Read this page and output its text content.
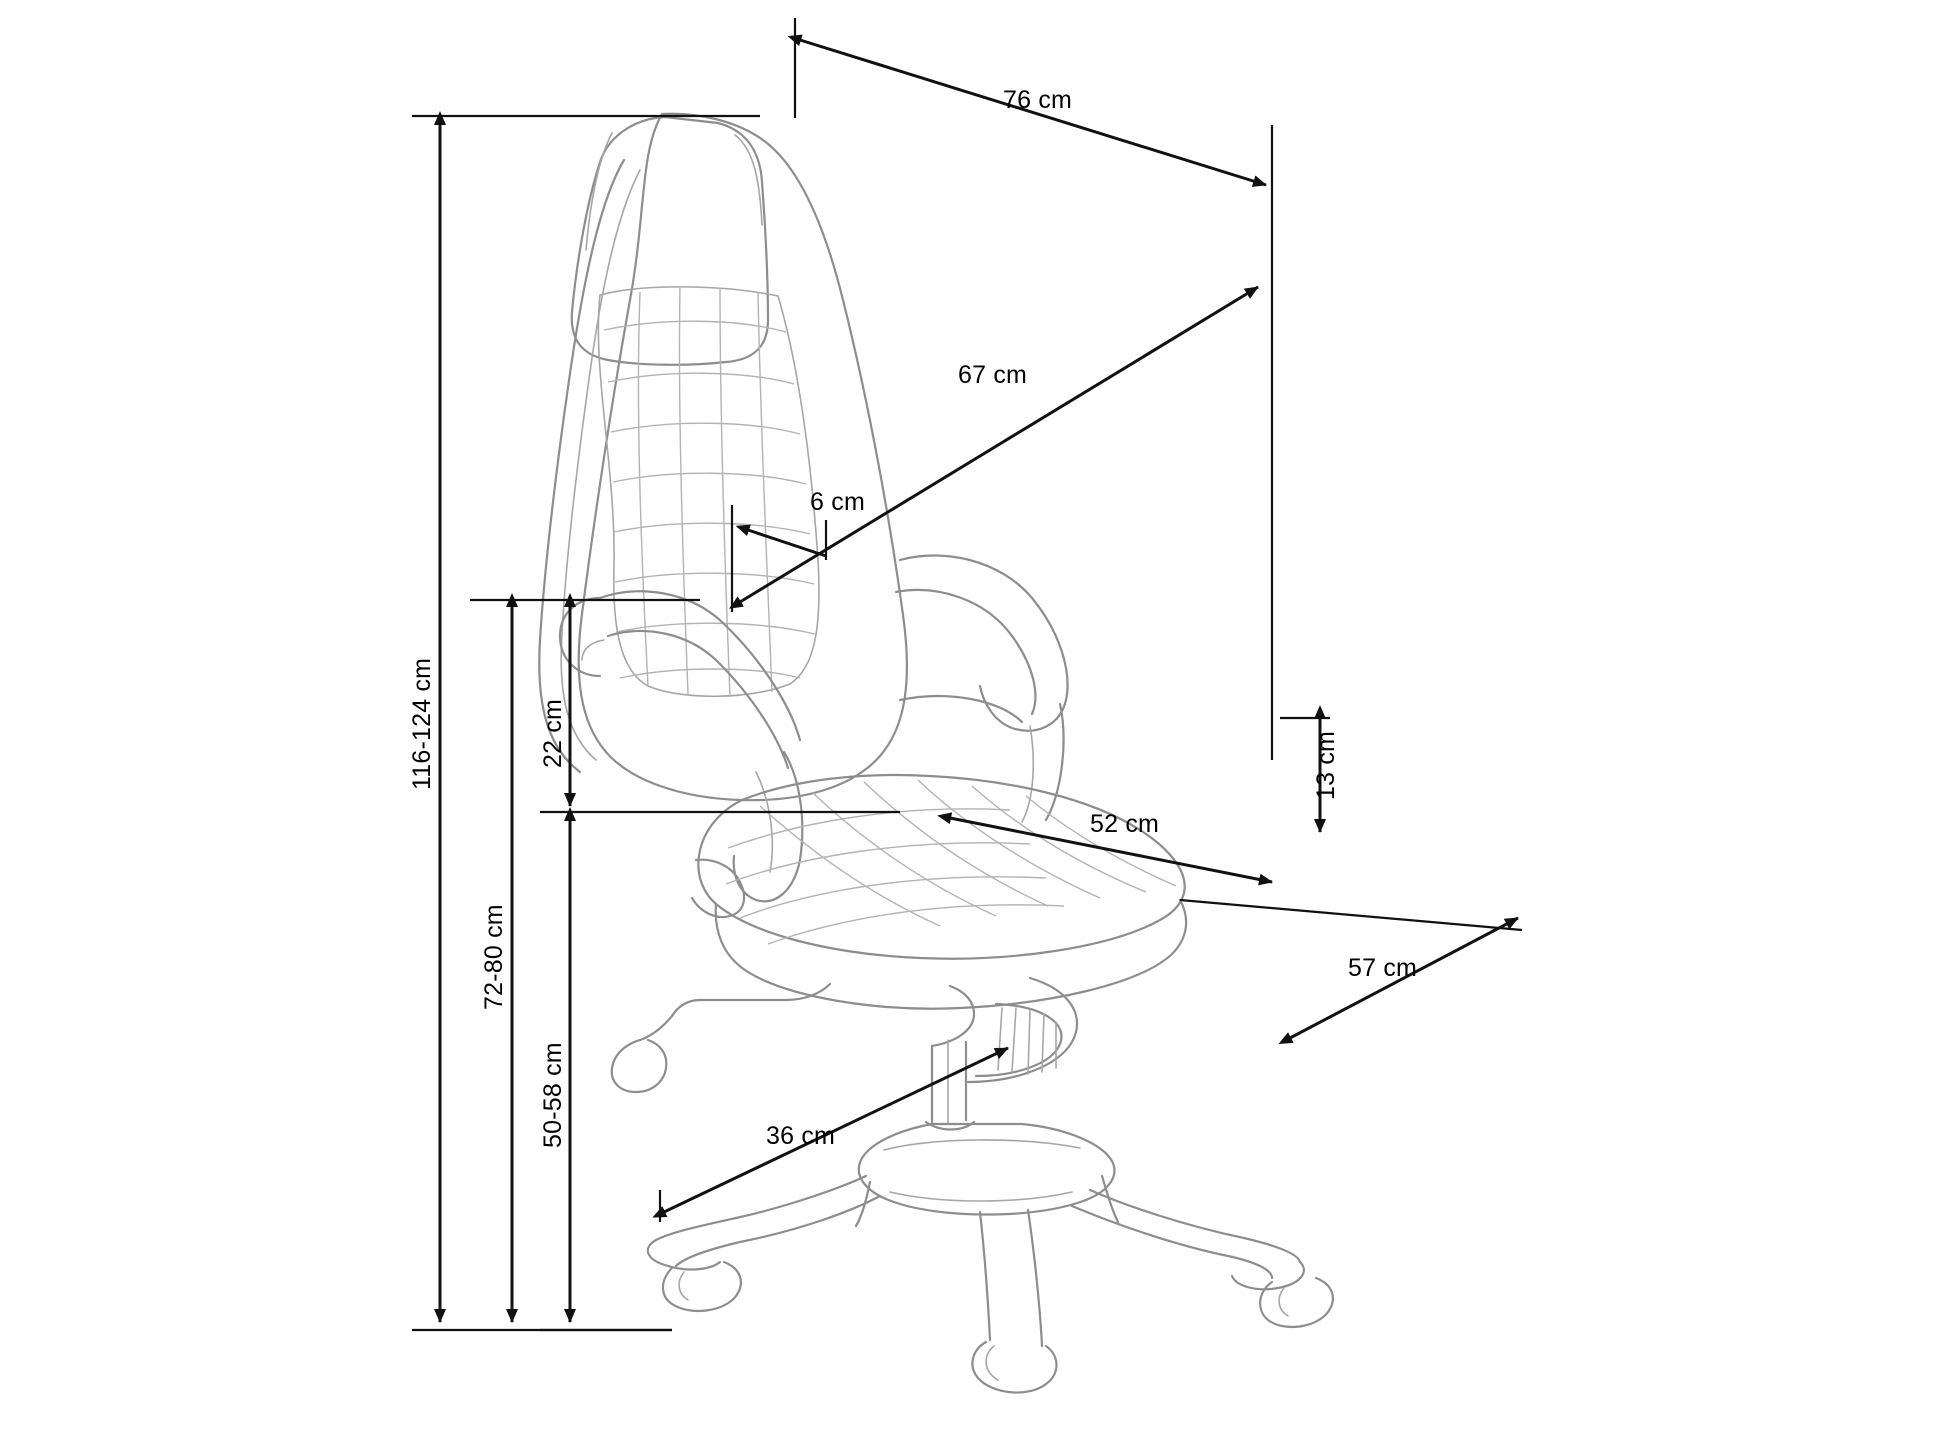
76 cm
67 cm
6 cm
116-124 cm
72-80 cm
22 cm
50-58 cm
52 cm
13 cm
57 cm
36 cm
